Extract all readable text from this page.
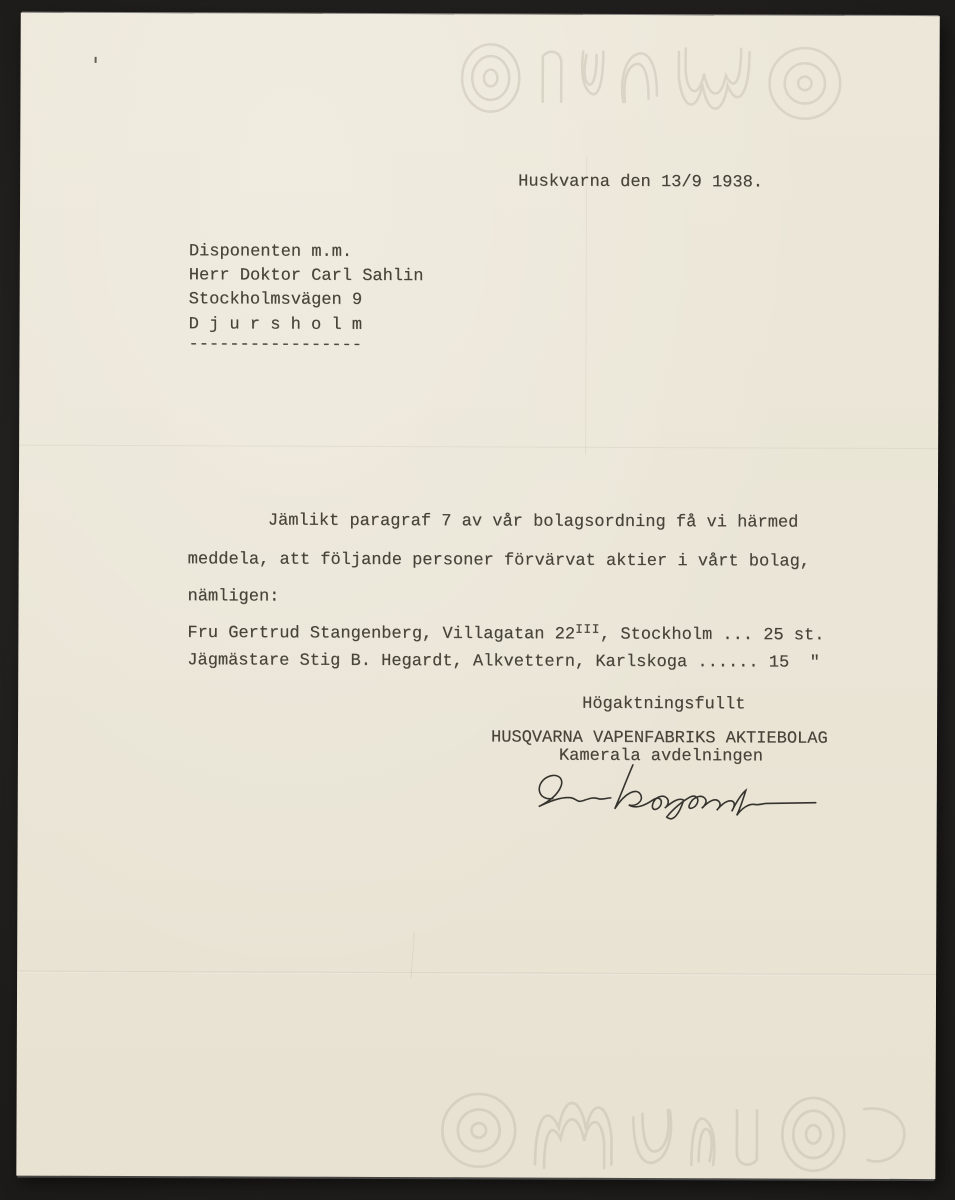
Huskvarna den 13/9 1938.
Disponenten m.m.
Herr Doktor Carl Sahlin
Stockholmsvägen 9
D j u r s h o l m
-----------------
Jämlikt paragraf 7 av vår bolagsordning få vi härmed
meddela, att följande personer förvärvat aktier i vårt bolag,
nämligen:
Fru Gertrud Stangenberg, Villagatan $22^{III}$, Stockholm ... 25 st.
Jägmästare Stig B. Hegardt, Alkvettern, Karlskoga ...... 15  ″
Högaktningsfullt
HUSQVARNA VAPENFABRIKS AKTIEBOLAG
Kamerala avdelningen
